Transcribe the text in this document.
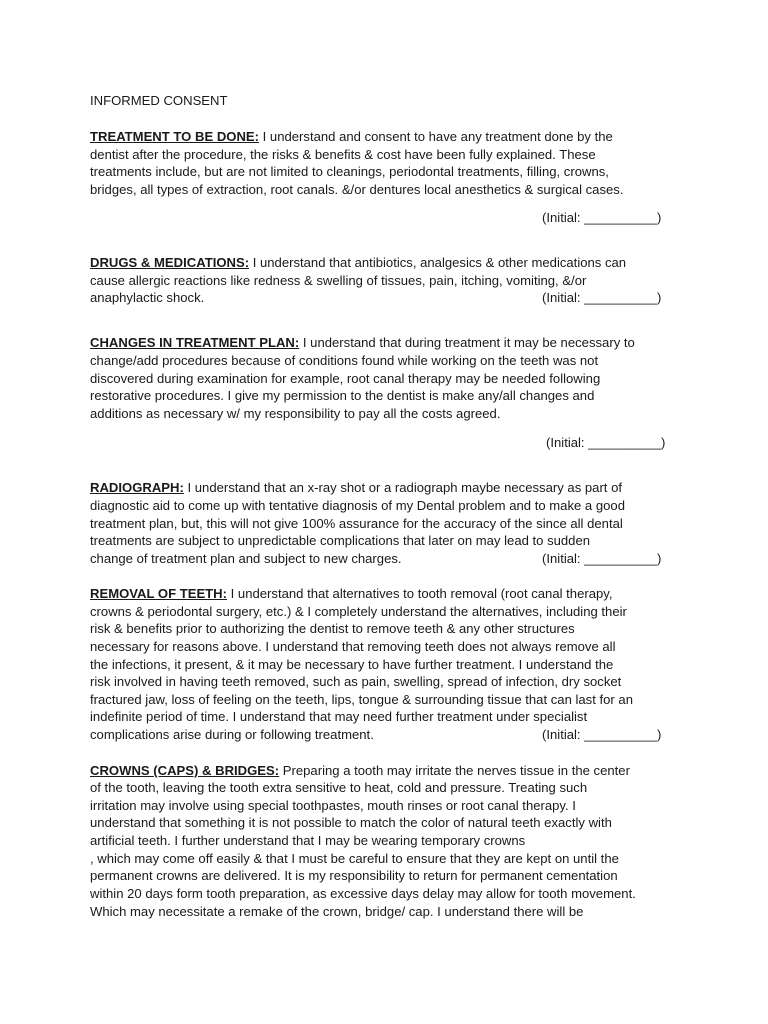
INFORMED CONSENT
TREATMENT TO BE DONE: I understand and consent to have any treatment done by the
dentist after the procedure, the risks & benefits & cost have been fully explained. These
treatments include, but are not limited to cleanings, periodontal treatments, filling, crowns,
bridges, all types of extraction, root canals. &/or dentures local anesthetics & surgical cases.
(Initial: __________)
DRUGS & MEDICATIONS: I understand that antibiotics, analgesics & other medications can
cause allergic reactions like redness & swelling of tissues, pain, itching, vomiting, &/or
anaphylactic shock.	(Initial: __________)
CHANGES IN TREATMENT PLAN: I understand that during treatment it may be necessary to
change/add procedures because of conditions found while working on the teeth was not
discovered during examination for example, root canal therapy may be needed following
restorative procedures. I give my permission to the dentist is make any/all changes and
additions as necessary w/ my responsibility to pay all the costs agreed.
(Initial: __________)
RADIOGRAPH: I understand that an x-ray shot or a radiograph maybe necessary as part of
diagnostic aid to come up with tentative diagnosis of my Dental problem and to make a good
treatment plan, but, this will not give 100% assurance for the accuracy of the since all dental
treatments are subject to unpredictable complications that later on may lead to sudden
change of treatment plan and subject to new charges.	(Initial: __________)
REMOVAL OF TEETH: I understand that alternatives to tooth removal (root canal therapy,
crowns & periodontal surgery, etc.) & I completely understand the alternatives, including their
risk & benefits prior to authorizing the dentist to remove teeth & any other structures
necessary for reasons above. I understand that removing teeth does not always remove all
the infections, it present, & it may be necessary to have further treatment. I understand the
risk involved in having teeth removed, such as pain, swelling, spread of infection, dry socket
fractured jaw, loss of feeling on the teeth, lips, tongue & surrounding tissue that can last for an
indefinite period of time. I understand that may need further treatment under specialist
complications arise during or following treatment.	(Initial: __________)
CROWNS (CAPS) & BRIDGES: Preparing a tooth may irritate the nerves tissue in the center
of the tooth, leaving the tooth extra sensitive to heat, cold and pressure. Treating such
irritation may involve using special toothpastes, mouth rinses or root canal therapy. I
understand that something it is not possible to match the color of natural teeth exactly with
artificial teeth. I further understand that I may be wearing temporary crowns
, which may come off easily & that I must be careful to ensure that they are kept on until the
permanent crowns are delivered. It is my responsibility to return for permanent cementation
within 20 days form tooth preparation, as excessive days delay may allow for tooth movement.
Which may necessitate a remake of the crown, bridge/ cap. I understand there will be
